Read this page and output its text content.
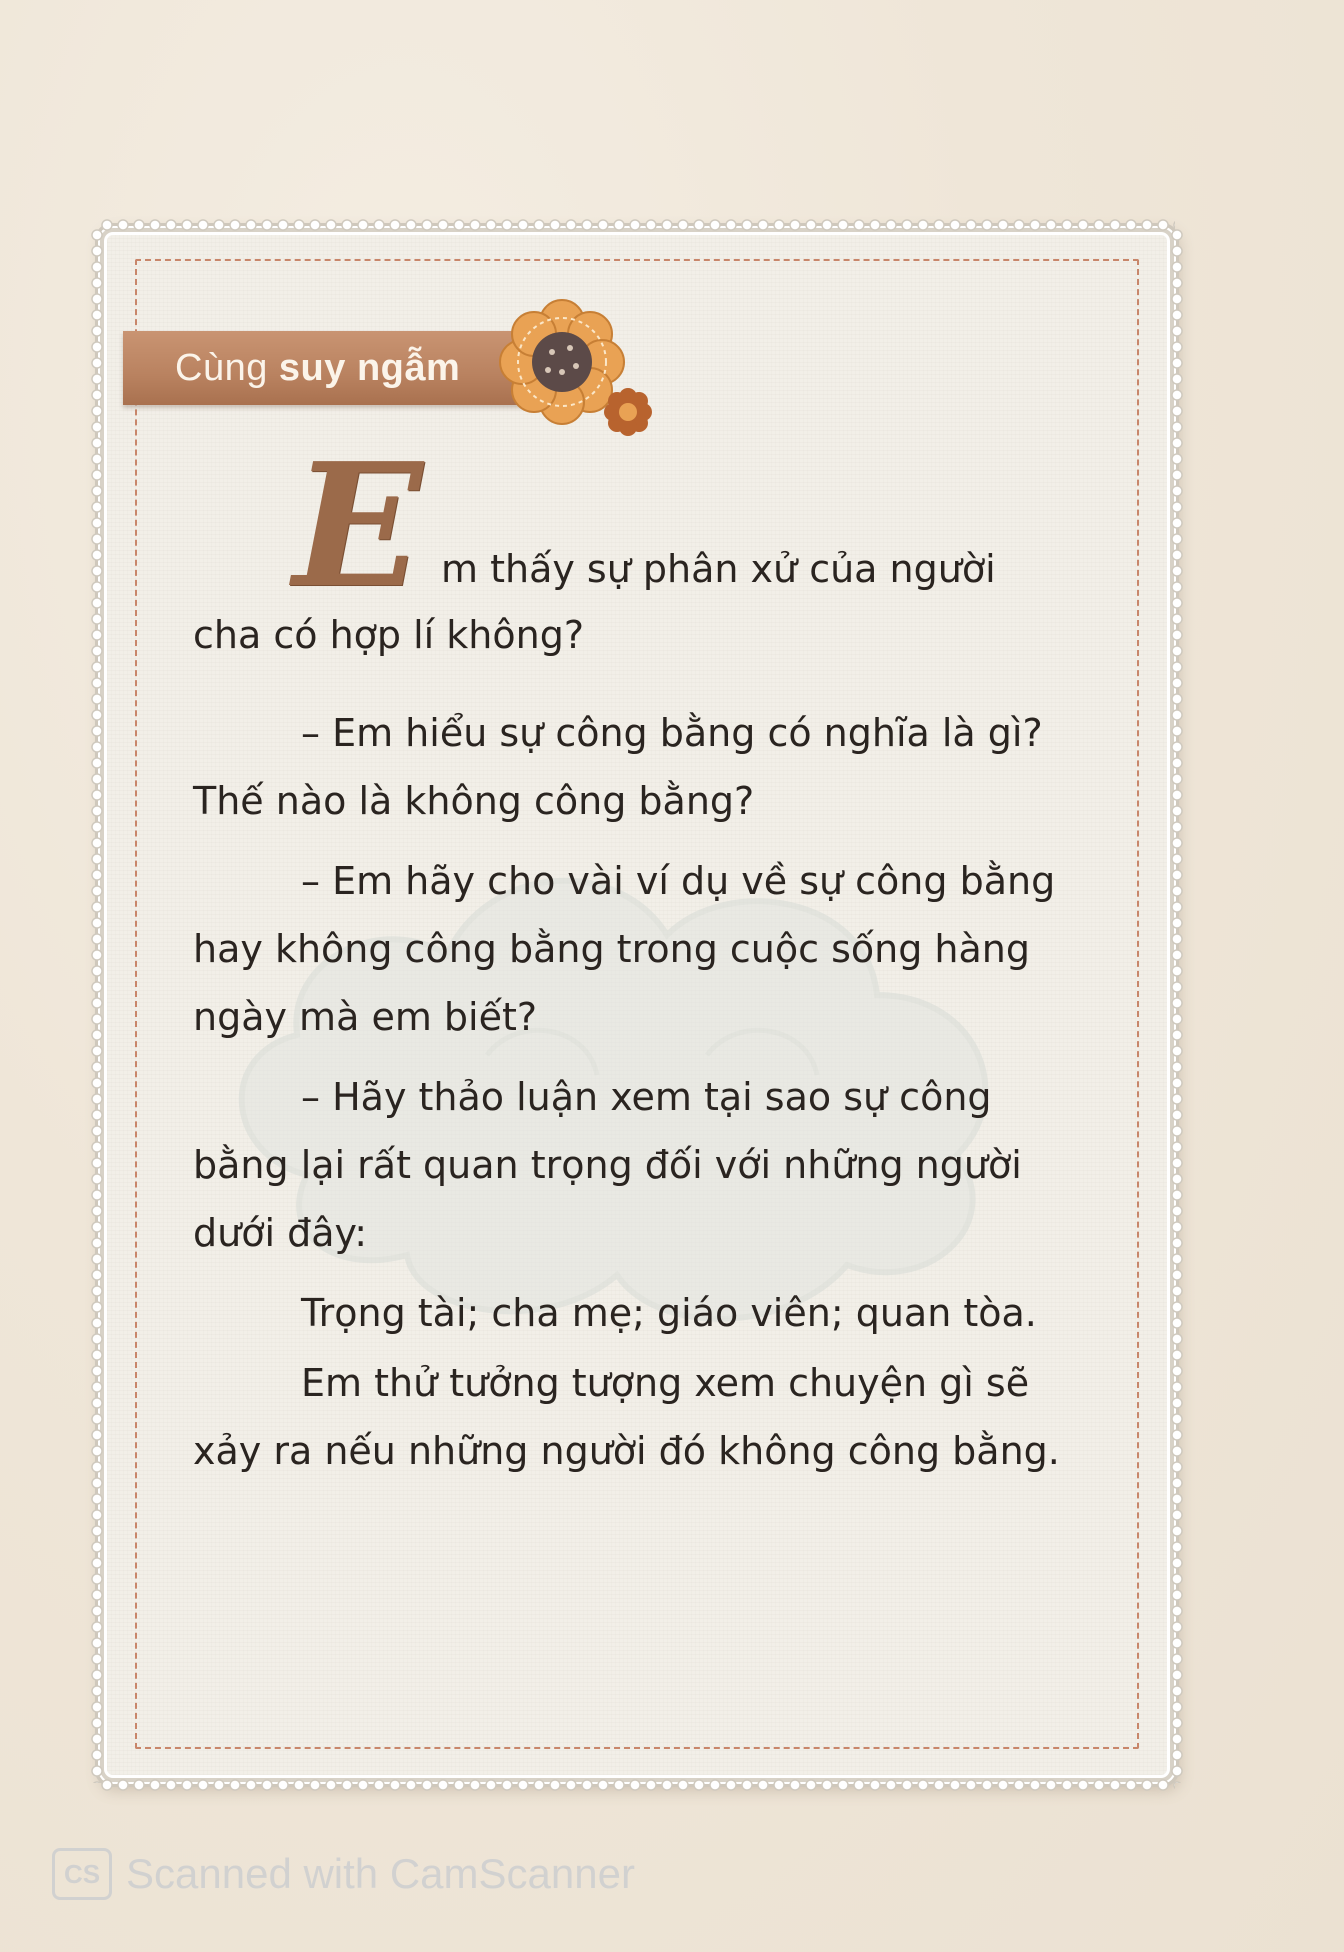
Cùng suy ngẫm
E m thấy sự phân xử của người

cha có hợp lí không?

– Em hiểu sự công bằng có nghĩa là gì? Thế nào là không công bằng?

– Em hãy cho vài ví dụ về sự công bằng hay không công bằng trong cuộc sống hàng ngày mà em biết?

– Hãy thảo luận xem tại sao sự công bằng lại rất quan trọng đối với những người dưới đây:

Trọng tài; cha mẹ; giáo viên; quan tòa.

Em thử tưởng tượng xem chuyện gì sẽ xảy ra nếu những người đó không công bằng.

CS Scanned with CamScanner
